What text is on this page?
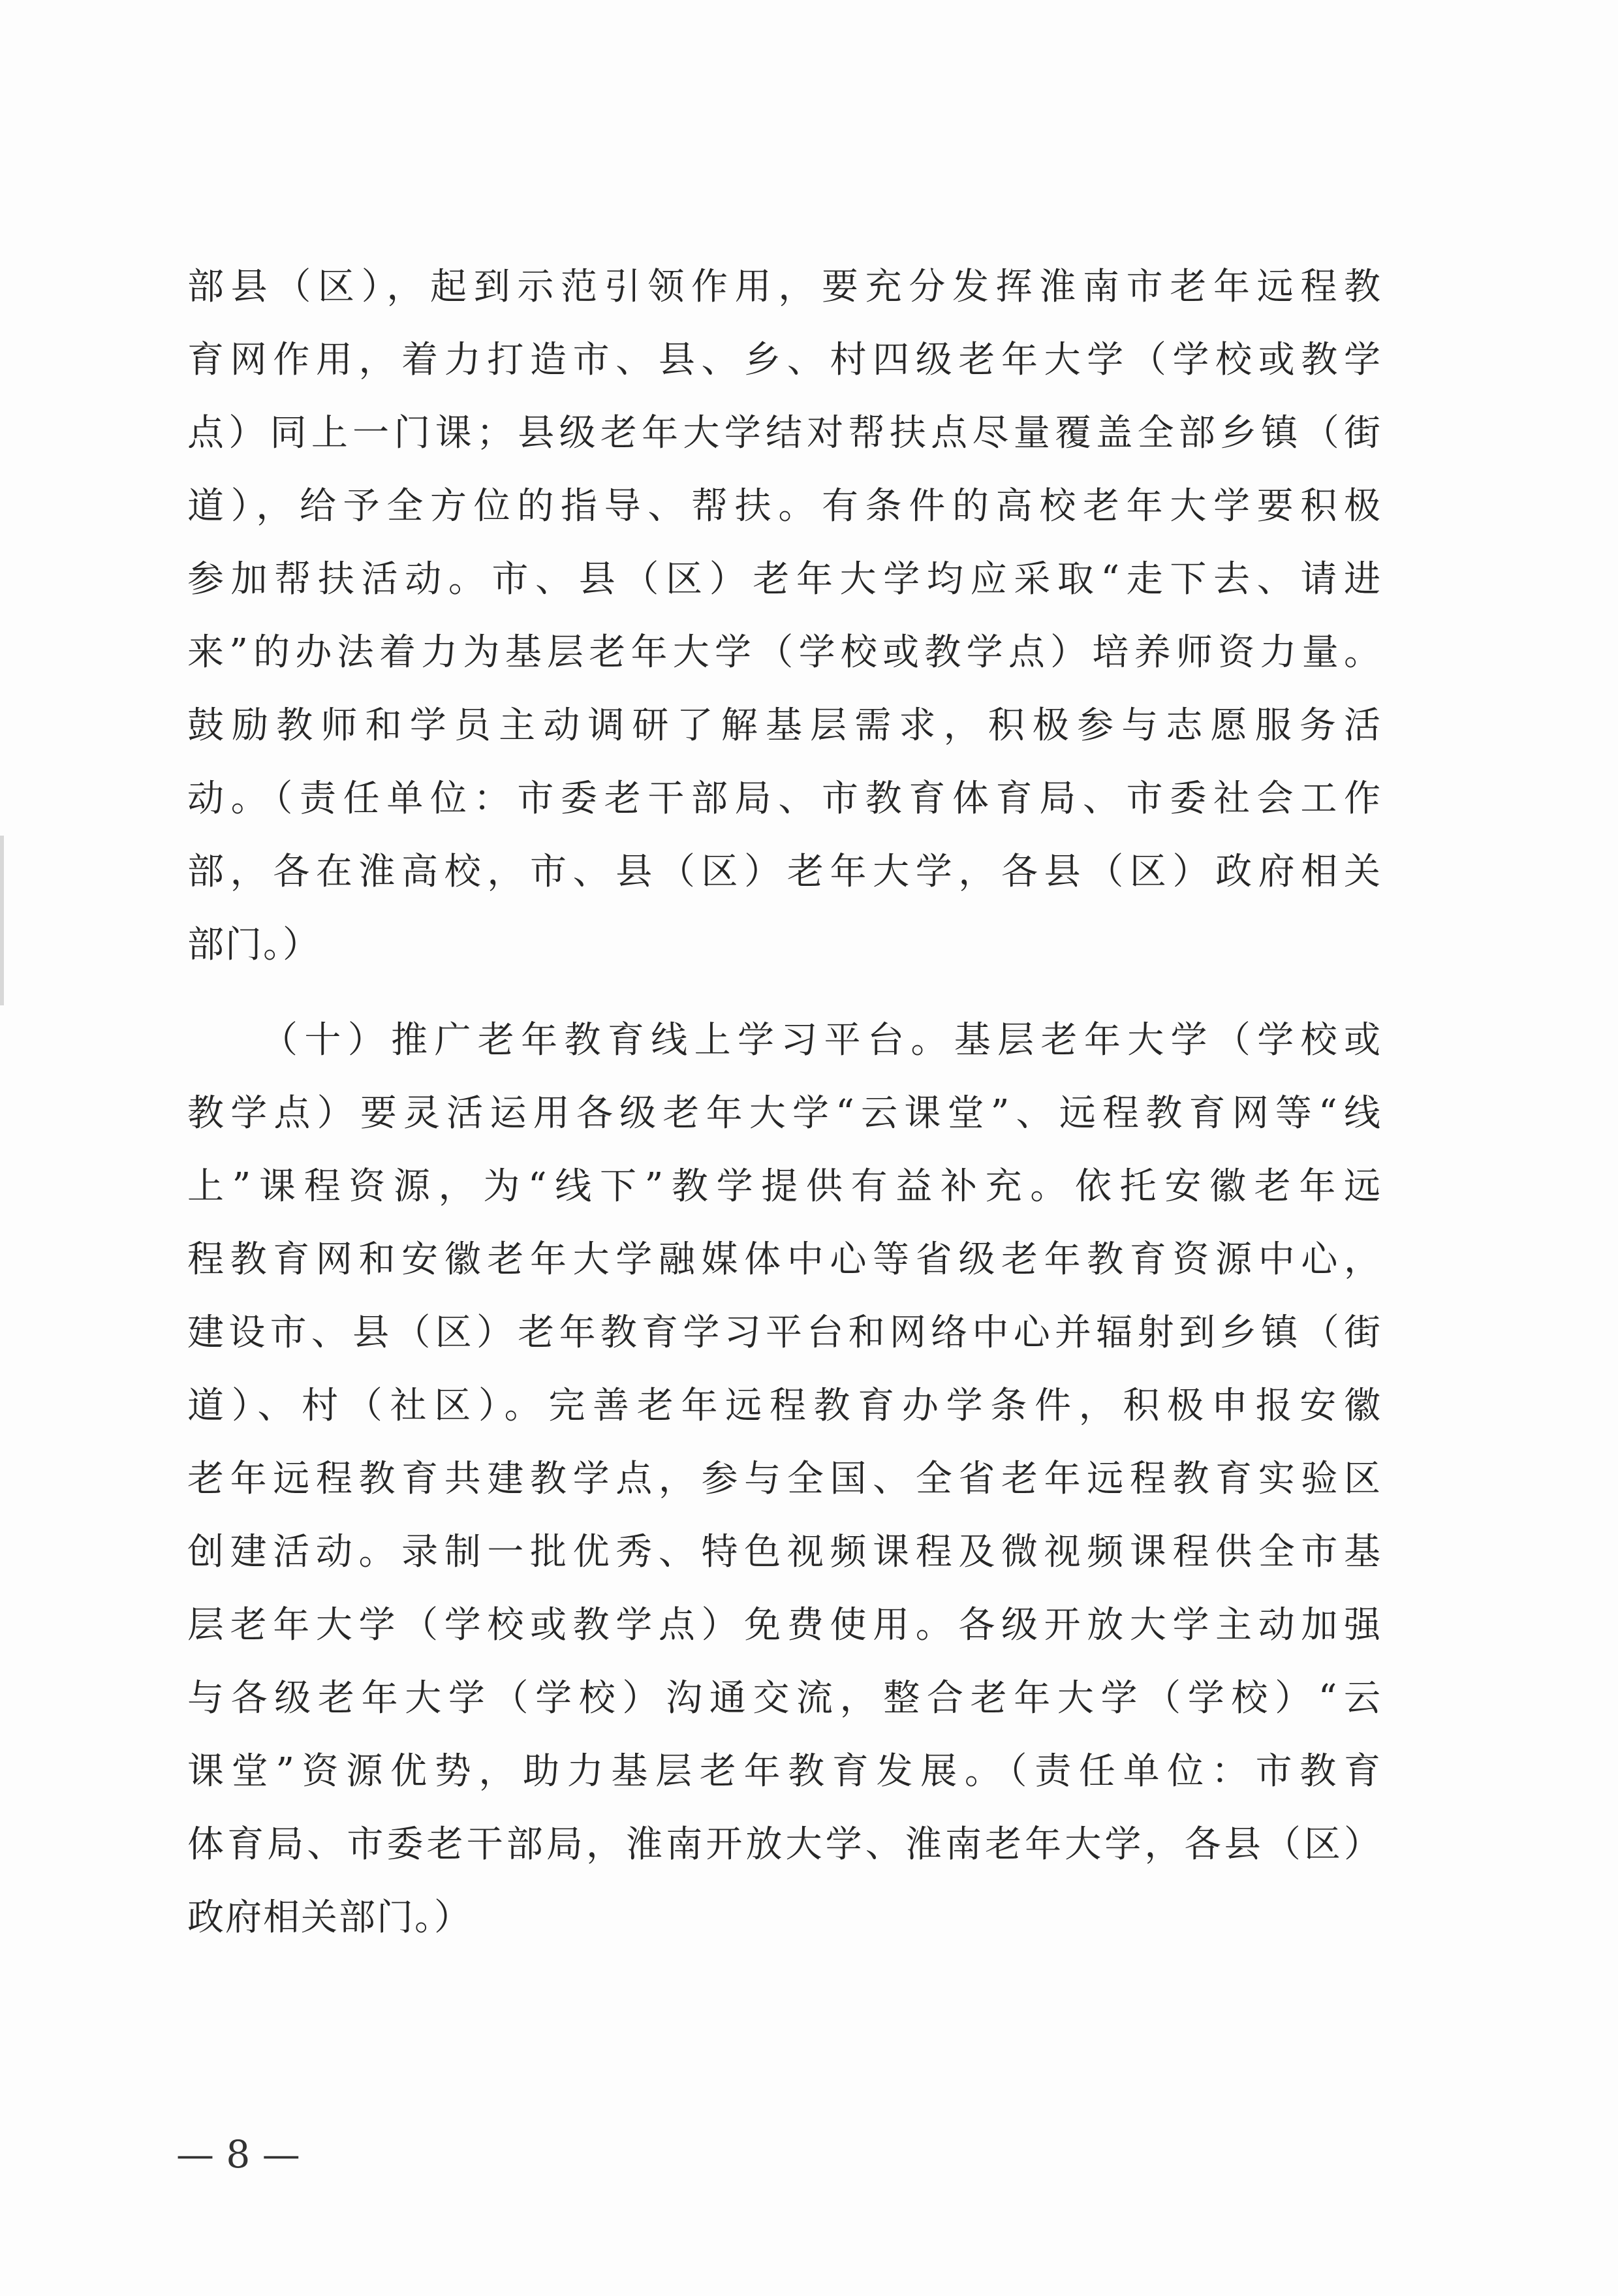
部县（区），起到示范引领作用，要充分发挥淮南市老年远程教
育网作用，着力打造市、县、乡、村四级老年大学（学校或教学
点）同上一门课；县级老年大学结对帮扶点尽量覆盖全部乡镇（街
道），给予全方位的指导、帮扶。有条件的高校老年大学要积极
参加帮扶活动。市、县（区）老年大学均应采取“走下去、请进
来”的办法着力为基层老年大学（学校或教学点）培养师资力量。
鼓励教师和学员主动调研了解基层需求，积极参与志愿服务活
动。（责任单位：市委老干部局、市教育体育局、市委社会工作
部，各在淮高校，市、县（区）老年大学，各县（区）政府相关
部门。）
（十）推广老年教育线上学习平台。基层老年大学（学校或
教学点）要灵活运用各级老年大学“云课堂”、远程教育网等“线
上”课程资源，为“线下”教学提供有益补充。依托安徽老年远
程教育网和安徽老年大学融媒体中心等省级老年教育资源中心，
建设市、县（区）老年教育学习平台和网络中心并辐射到乡镇（街
道）、村（社区）。完善老年远程教育办学条件，积极申报安徽
老年远程教育共建教学点，参与全国、全省老年远程教育实验区
创建活动。录制一批优秀、特色视频课程及微视频课程供全市基
层老年大学（学校或教学点）免费使用。各级开放大学主动加强
与各级老年大学（学校）沟通交流，整合老年大学（学校）“云
课堂”资源优势，助力基层老年教育发展。（责任单位：市教育
体育局、市委老干部局，淮南开放大学、淮南老年大学，各县（区）
政府相关部门。）
— 8 —
